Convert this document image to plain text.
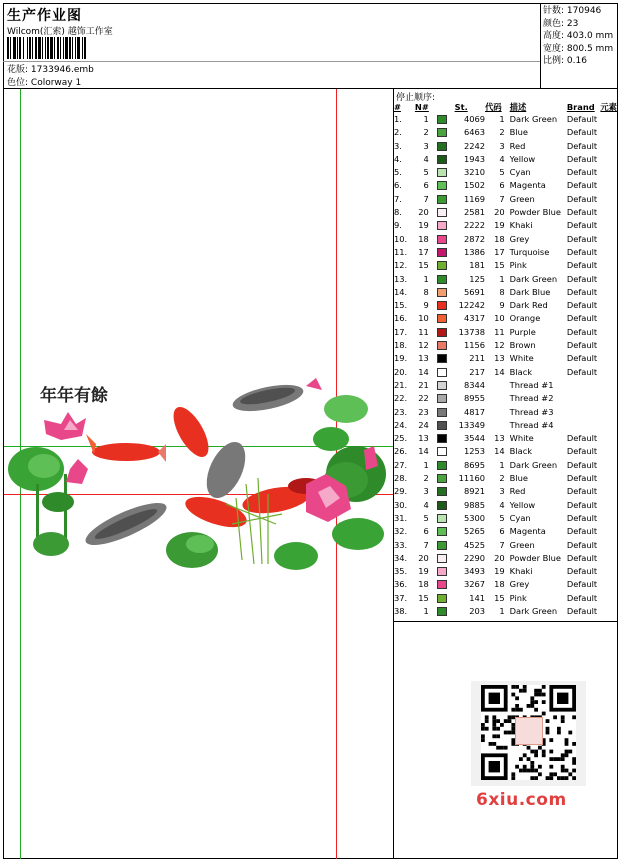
生产作业图
Wilcom(汇索) 越饰工作室
花版: 1733946.emb
色位: Colorway 1
针数: 170946
颜色: 23
高度: 403.0 mm
宽度: 800.5 mm
比例: 0.16
年年有餘
停止顺序:
#	N#		St.	代码	描述	Brand	元素
1.	1		4069	1	Dark Green	Default	
2.	2		6463	2	Blue	Default	
3.	3		2242	3	Red	Default	
4.	4		1943	4	Yellow	Default	
5.	5		3210	5	Cyan	Default	
6.	6		1502	6	Magenta	Default	
7.	7		1169	7	Green	Default	
8.	20		2581	20	Powder Blue	Default	
9.	19		2222	19	Khaki	Default	
10.	18		2872	18	Grey	Default	
11.	17		1386	17	Turquoise	Default	
12.	15		181	15	Pink	Default	
13.	1		125	1	Dark Green	Default	
14.	8		5691	8	Dark Blue	Default	
15.	9		12242	9	Dark Red	Default	
16.	10		4317	10	Orange	Default	
17.	11		13738	11	Purple	Default	
18.	12		1156	12	Brown	Default	
19.	13		211	13	White	Default	
20.	14		217	14	Black	Default	
21.	21		8344		Thread #1		
22.	22		8955		Thread #2		
23.	23		4817		Thread #3		
24.	24		13349		Thread #4		
25.	13		3544	13	White	Default	
26.	14		1253	14	Black	Default	
27.	1		8695	1	Dark Green	Default	
28.	2		11160	2	Blue	Default	
29.	3		8921	3	Red	Default	
30.	4		9885	4	Yellow	Default	
31.	5		5300	5	Cyan	Default	
32.	6		5265	6	Magenta	Default	
33.	7		4525	7	Green	Default	
34.	20		2290	20	Powder Blue	Default	
35.	19		3493	19	Khaki	Default	
36.	18		3267	18	Grey	Default	
37.	15		141	15	Pink	Default	
38.	1		203	1	Dark Green	Default	
6xiu.com
